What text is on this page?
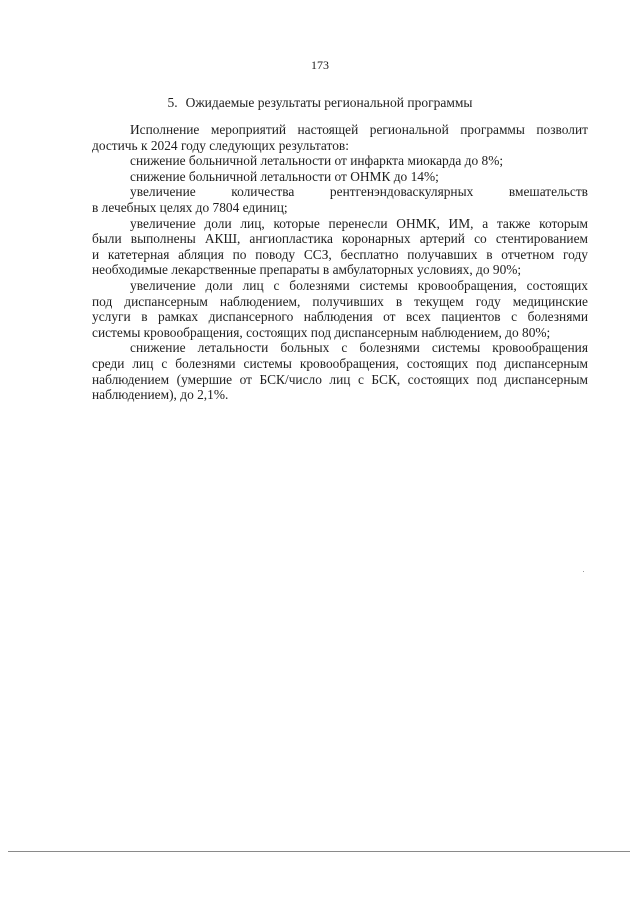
173
5. Ожидаемые результаты региональной программы

Исполнение мероприятий настоящей региональной программы позволит
достичь к 2024 году следующих результатов:

снижение больничной летальности от инфаркта миокарда до 8%;

снижение больничной летальности от ОНМК до 14%;

увеличение количества рентгенэндоваскулярных вмешательств
в лечебных целях до 7804 единиц;

увеличение доли лиц, которые перенесли ОНМК, ИМ, а также которым
были выполнены АКШ, ангиопластика коронарных артерий со стентированием
и катетерная абляция по поводу ССЗ, бесплатно получавших в отчетном году
необходимые лекарственные препараты в амбулаторных условиях, до 90%;

увеличение доли лиц с болезнями системы кровообращения, состоящих
под диспансерным наблюдением, получивших в текущем году медицинские
услуги в рамках диспансерного наблюдения от всех пациентов с болезнями
системы кровообращения, состоящих под диспансерным наблюдением, до 80%;

снижение летальности больных с болезнями системы кровообращения
среди лиц с болезнями системы кровообращения, состоящих под диспансерным
наблюдением (умершие от БСК/число лиц с БСК, состоящих под диспансерным
наблюдением), до 2,1%.
